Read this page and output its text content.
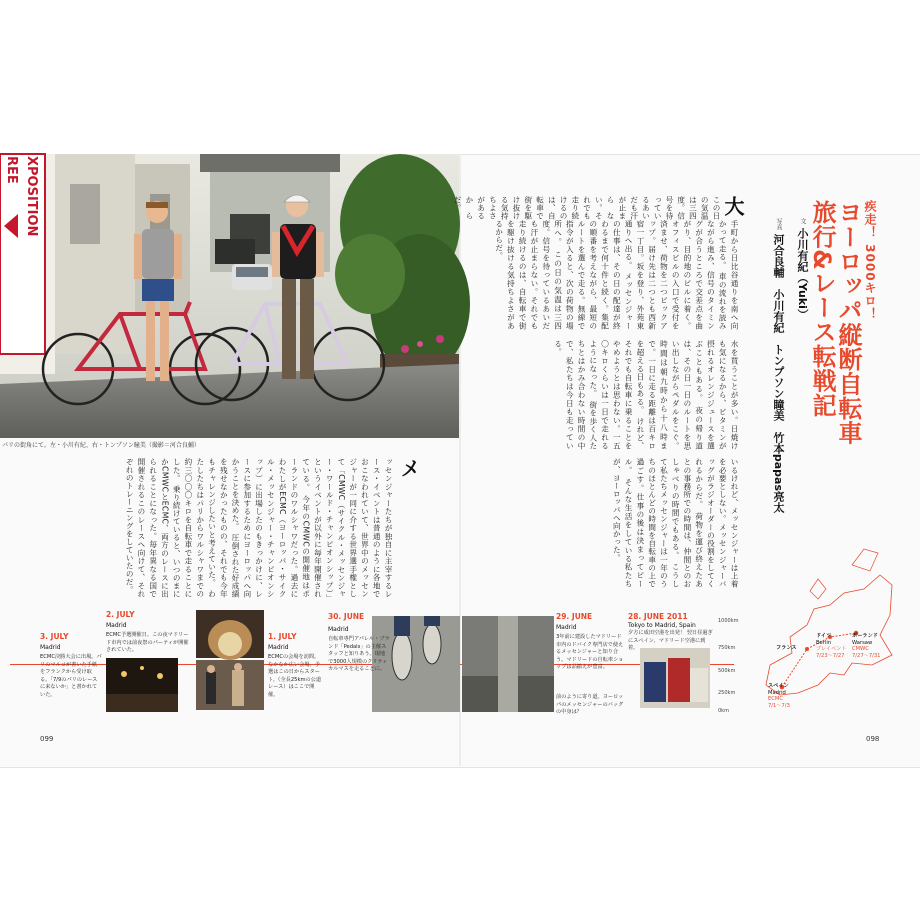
REE XPOSITION
パリの街角にて。左・小川有紀、右・トンプソン瞳美（撮影＝河合良輔）
疾走！ 3000キロ！
ヨーロッパ縦断自転車旅行&レース転戦記
文 小川有紀（Yuki）
写真 河合良輔　小川有紀　トンプソン瞳美　竹本papas亮太
大
手町から日比谷通りを南へ向かって走る。 車の流れを読みながら進み、信号のタイミングが合うところで交差点を曲がり、目的地のビルに着く。オフィスビルの入口で受付を済ませ、荷物を二つピックアップ。届け先は二つとも西新宿一丁目。坂を登り、外苑東通りへ出る。 メッセンジャーの仕事は、その日の配達が終わるまで何十件と続く。集配の順番を考えながら、最短のルートを選んで走る。無線で指令が入ると、次の荷物の場所へ。 この日の気温は三四度。信号を待っているあいだも汗が止まらない。それでも走り続けるのは、自転車で街を駆け抜ける気持ちよさがあるからだ。
この日の気温は三四度。信号を待っているあいだも汗が止まらない。それでも走り続けるのは、自転車で街を駆け抜ける気持ちよさがあるからだ。
水を買うことが多い。日焼けも気になるから、ビタミンが摂れるオレンジジュースを選ぶこともある。 夜の帰り道は、その日一日のルートを思い出しながらペダルをこぐ。時間は朝九時から十八時まで。一日に走る距離は百キロを超える日もある。 けれど、それでも自転車に乗ることをやめようとは思わない。一五〇キロくらいは一日で走れるようになった。 街を歩く人たちとはかみ合わない時間の中で、私たちは今日も走っている。
いるけれど、メッセンジャーは上着を必要としない。メッセンジャーバッグがラジオーダーの役割をしてくれるからだ。 荷物を運び終えたあとの事務所での時間は、仲間とのおしゃべりの時間でもある。 こうして私たちメッセンジャーは一年のうちのほとんどの時間を自転車の上で過ごす。仕事の後は決まってビール。 そんな生活をしている私たちが、ヨーロッパへ向かった。
メ
ッセンジャーたちが独自に主宰するレース・イベントは普通のように各地でおこなわれていて、世界中のメッセンジャーが一同に介する世界選手権として「CMWC（サイクル・メッセンジャー・ワールド・チャンピオンシップ）」というイベントが以外に毎年開催されている。 今年のCMWCの開催地はポーランドのワルシャワだった。過去にわたしがECMC（ヨーロッパ・サイクル・メッセンジャー・チャンピオンシップ）に出場したのもきっかけに、レースに参加するためにヨーロッパへ向かうことを決めた。 圧倒された好成績を残せなかったものの、それでも今年もチャレンジしたいと考えていた。 わたしたちはパリからワルシャワまでの約三〇〇〇キロを自転車で走ることにした。 乗り続けていると、いつのまにかCMWCとECMC、両方のレースに出られることになった。毎年異なる国で開催されるこのレースへ向けて、それぞれのトレーニングをしていたのだ。
ドイツ
Berlin
プレイベント
7/23〜7/27
ポーランド
Warsaw
CMWC
7/27〜7/31
フランス
スペイン
Madrid
ECMC
7/1〜7/3
1000km
750km
500km
250km
0km
28. JUNE 2011
Tokyo to Madrid, Spain
夕方に成田空港を出発！ 翌日昼過ぎにスペイン、マドリード空港に到着。
29. JUNE
Madrid
3年前に建設したマドリード市内のドバイク専門店で使えるメッセンジャーと知り合う。マドリードの自転車ショップは品揃えが豊富。
前のように寄り道。ヨーロッパのメッセンジャーのバッグの中身は？
30. JUNE
Madrid
自転車専門アパレル・ブランド「Pedals」の主催スタッフと知りあう。現地で3000人規模のクリティカルマスを走ることに。
1. JULY
Madrid
ECMCの会場を訪問。なかなか広い会場。予選はこの日からスタート。（全長25kmの公道レース）はここで開催。
2. JULY
Madrid
ECMC予選開催日。この夜マドリード市内では前夜祭のパーティが開催されていた。
3. JULY
Madrid
ECMC決勝大会に出場。パリのマルコが書いた手紙をフランクから受け取る。「7/9のパリのレースに来ないか」と書かれていた。
099	098
